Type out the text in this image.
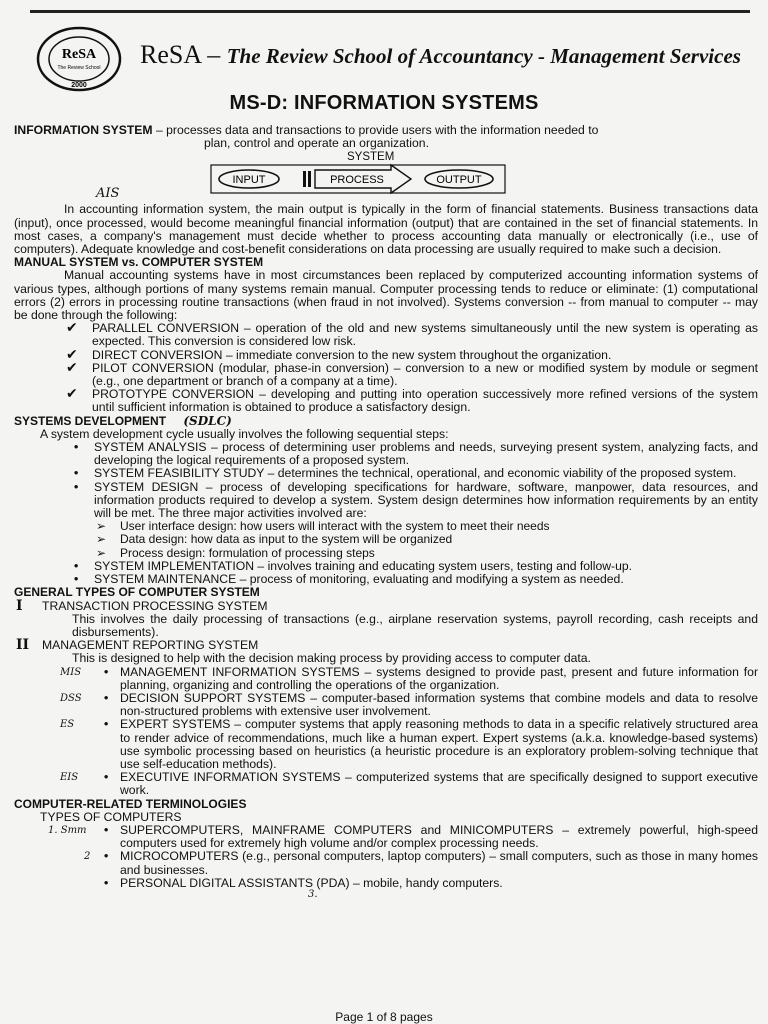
ReSA
The Review School
2000
ReSA – The Review School of Accountancy - Management Services
MS-D: INFORMATION SYSTEMS

INFORMATION SYSTEM – processes data and transactions to provide users with the information needed to

plan, control and operate an organization.

SYSTEM
INPUT	PROCESS	OUTPUT
AIS

In accounting information system, the main output is typically in the form of financial statements. Business transactions data (input), once processed, would become meaningful financial information (output) that are contained in the set of financial statements. In most cases, a company's management must decide whether to process accounting data manually or electronically (i.e., use of computers). Adequate knowledge and cost-benefit considerations on data processing are usually required to make such a decision.

MANUAL SYSTEM vs. COMPUTER SYSTEM

Manual accounting systems have in most circumstances been replaced by computerized accounting information systems of various types, although portions of many systems remain manual. Computer processing tends to reduce or eliminate: (1) computational errors (2) errors in processing routine transactions (when fraud in not involved). Systems conversion -- from manual to computer -- may be done through the following:

✔ PARALLEL CONVERSION – operation of the old and new systems simultaneously until the new system is operating as expected. This conversion is considered low risk.
✔ DIRECT CONVERSION – immediate conversion to the new system throughout the organization.
✔ PILOT CONVERSION (modular, phase-in conversion) – conversion to a new or modified system by module or segment (e.g., one department or branch of a company at a time).
✔ PROTOTYPE CONVERSION – developing and putting into operation successively more refined versions of the system until sufficient information is obtained to produce a satisfactory design.

SYSTEMS DEVELOPMENT (SDLC)

A system development cycle usually involves the following sequential steps:

• SYSTEM ANALYSIS – process of determining user problems and needs, surveying present system, analyzing facts, and developing the logical requirements of a proposed system.
• SYSTEM FEASIBILITY STUDY – determines the technical, operational, and economic viability of the proposed system.
• SYSTEM DESIGN – process of developing specifications for hardware, software, manpower, data resources, and information products required to develop a system. System design determines how information requirements by an entity will be met. The three major activities involved are:
➢ User interface design: how users will interact with the system to meet their needs
➢ Data design: how data as input to the system will be organized
➢ Process design: formulation of processing steps
• SYSTEM IMPLEMENTATION – involves training and educating system users, testing and follow-up.
• SYSTEM MAINTENANCE – process of monitoring, evaluating and modifying a system as needed.

GENERAL TYPES OF COMPUTER SYSTEM

I TRANSACTION PROCESSING SYSTEM

This involves the daily processing of transactions (e.g., airplane reservation systems, payroll recording, cash receipts and disbursements).

II MANAGEMENT REPORTING SYSTEM

This is designed to help with the decision making process by providing access to computer data.

MIS • MANAGEMENT INFORMATION SYSTEMS – systems designed to provide past, present and future information for planning, organizing and controlling the operations of the organization.
DSS • DECISION SUPPORT SYSTEMS – computer-based information systems that combine models and data to resolve non-structured problems with extensive user involvement.
ES • EXPERT SYSTEMS – computer systems that apply reasoning methods to data in a specific relatively structured area to render advice of recommendations, much like a human expert. Expert systems (a.k.a. knowledge-based systems) use symbolic processing based on heuristics (a heuristic procedure is an exploratory problem-solving technique that use self-education methods).
EIS • EXECUTIVE INFORMATION SYSTEMS – computerized systems that are specifically designed to support executive work.

COMPUTER-RELATED TERMINOLOGIES

TYPES OF COMPUTERS

1. Smm • SUPERCOMPUTERS, MAINFRAME COMPUTERS and MINICOMPUTERS – extremely powerful, high-speed computers used for extremely high volume and/or complex processing needs.
2 • MICROCOMPUTERS (e.g., personal computers, laptop computers) – small computers, such as those in many homes and businesses.
• PERSONAL DIGITAL ASSISTANTS (PDA) – mobile, handy computers.

3.

Page 1 of 8 pages
